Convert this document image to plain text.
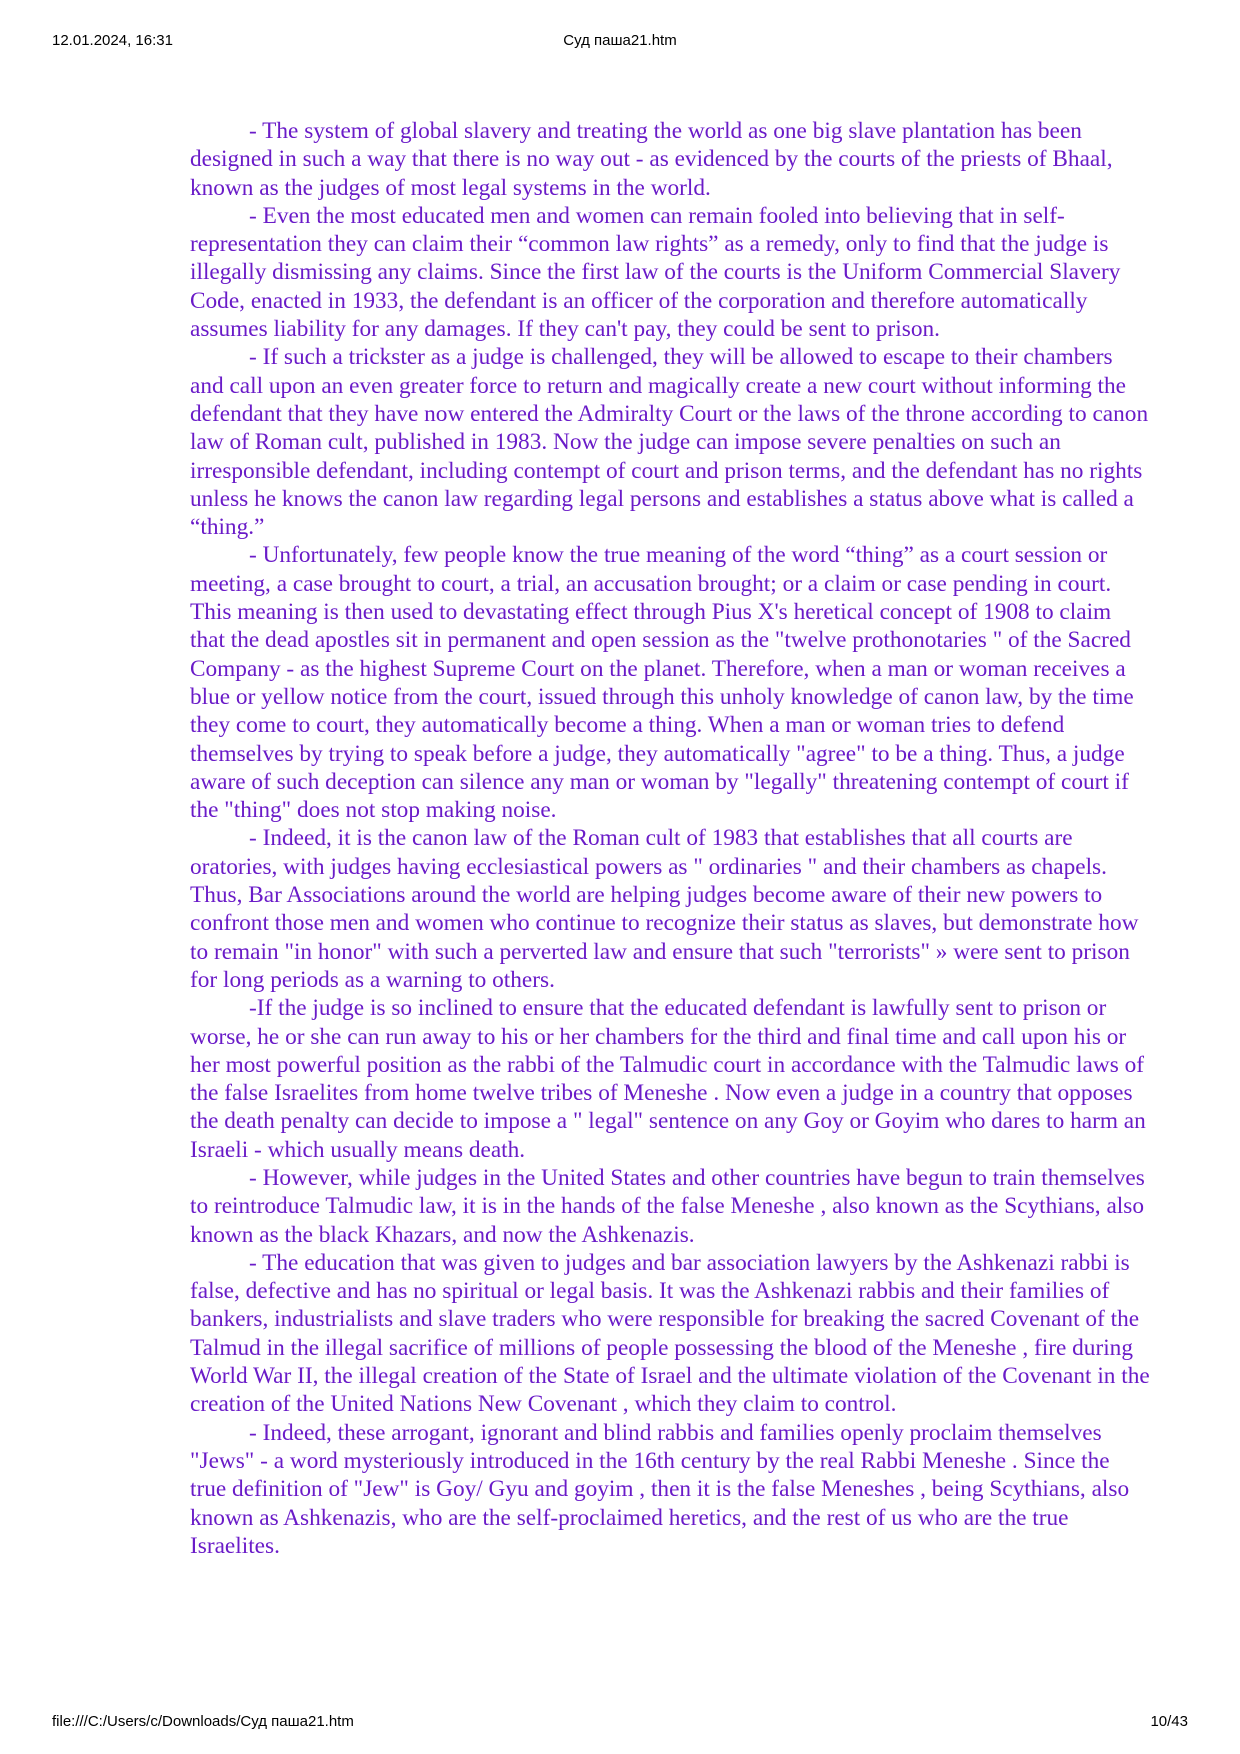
12.01.2024, 16:31	Суд паша21.htm

- The system of global slavery and treating the world as one big slave plantation has been designed in such a way that there is no way out - as evidenced by the courts of the priests of Bhaal, known as the judges of most legal systems in the world.

- Even the most educated men and women can remain fooled into believing that in self-representation they can claim their “common law rights” as a remedy, only to find that the judge is illegally dismissing any claims. Since the first law of the courts is the Uniform Commercial Slavery Code, enacted in 1933, the defendant is an officer of the corporation and therefore automatically assumes liability for any damages. If they can't pay, they could be sent to prison.

- If such a trickster as a judge is challenged, they will be allowed to escape to their chambers and call upon an even greater force to return and magically create a new court without informing the defendant that they have now entered the Admiralty Court or the laws of the throne according to canon law of Roman cult, published in 1983. Now the judge can impose severe penalties on such an irresponsible defendant, including contempt of court and prison terms, and the defendant has no rights unless he knows the canon law regarding legal persons and establishes a status above what is called a “thing.”

- Unfortunately, few people know the true meaning of the word “thing” as a court session or meeting, a case brought to court, a trial, an accusation brought; or a claim or case pending in court. This meaning is then used to devastating effect through Pius X's heretical concept of 1908 to claim that the dead apostles sit in permanent and open session as the "twelve prothonotaries " of the Sacred Company - as the highest Supreme Court on the planet. Therefore, when a man or woman receives a blue or yellow notice from the court, issued through this unholy knowledge of canon law, by the time they come to court, they automatically become a thing. When a man or woman tries to defend themselves by trying to speak before a judge, they automatically "agree" to be a thing. Thus, a judge aware of such deception can silence any man or woman by "legally" threatening contempt of court if the "thing" does not stop making noise.

- Indeed, it is the canon law of the Roman cult of 1983 that establishes that all courts are oratories, with judges having ecclesiastical powers as " ordinaries " and their chambers as chapels. Thus, Bar Associations around the world are helping judges become aware of their new powers to confront those men and women who continue to recognize their status as slaves, but demonstrate how to remain "in honor" with such a perverted law and ensure that such "terrorists" » were sent to prison for long periods as a warning to others.

-If the judge is so inclined to ensure that the educated defendant is lawfully sent to prison or worse, he or she can run away to his or her chambers for the third and final time and call upon his or her most powerful position as the rabbi of the Talmudic court in accordance with the Talmudic laws of the false Israelites from home twelve tribes of Meneshe . Now even a judge in a country that opposes the death penalty can decide to impose a " legal" sentence on any Goy or Goyim who dares to harm an Israeli - which usually means death.

- However, while judges in the United States and other countries have begun to train themselves to reintroduce Talmudic law, it is in the hands of the false Meneshe , also known as the Scythians, also known as the black Khazars, and now the Ashkenazis.

- The education that was given to judges and bar association lawyers by the Ashkenazi rabbi is false, defective and has no spiritual or legal basis. It was the Ashkenazi rabbis and their families of bankers, industrialists and slave traders who were responsible for breaking the sacred Covenant of the Talmud in the illegal sacrifice of millions of people possessing the blood of the Meneshe , fire during World War II, the illegal creation of the State of Israel and the ultimate violation of the Covenant in the creation of the United Nations New Covenant , which they claim to control.

- Indeed, these arrogant, ignorant and blind rabbis and families openly proclaim themselves "Jews" - a word mysteriously introduced in the 16th century by the real Rabbi Meneshe . Since the true definition of "Jew" is Goy/ Gyu and goyim , then it is the false Meneshes , being Scythians, also known as Ashkenazis, who are the self-proclaimed heretics, and the rest of us who are the true Israelites.

file:///C:/Users/c/Downloads/Суд паша21.htm	10/43
